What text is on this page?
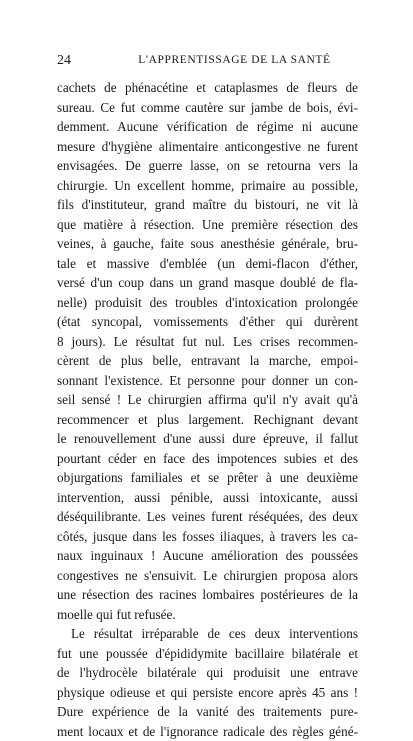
24	L'APPRENTISSAGE DE LA SANTÉ
cachets de phénacétine et cataplasmes de fleurs de
sureau. Ce fut comme cautère sur jambe de bois, évi-
demment. Aucune vérification de régime ni aucune
mesure d'hygiène alimentaire anticongestive ne furent
envisagées. De guerre lasse, on se retourna vers la
chirurgie. Un excellent homme, primaire au possible,
fils d'instituteur, grand maître du bistouri, ne vit là
que matière à résection. Une première résection des
veines, à gauche, faite sous anesthésie générale, bru-
tale et massive d'emblée (un demi-flacon d'éther,
versé d'un coup dans un grand masque doublé de fla-
nelle) produisit des troubles d'intoxication prolongée
(état syncopal, vomissements d'éther qui durèrent
8 jours). Le résultat fut nul. Les crises recommen-
cèrent de plus belle, entravant la marche, empoi-
sonnant l'existence. Et personne pour donner un con-
seil sensé ! Le chirurgien affirma qu'il n'y avait qu'à
recommencer et plus largement. Rechignant devant
le renouvellement d'une aussi dure épreuve, il fallut
pourtant céder en face des impotences subies et des
objurgations familiales et se prêter à une deuxième
intervention, aussi pénible, aussi intoxicante, aussi
déséquilibrante. Les veines furent réséquées, des deux
côtés, jusque dans les fosses iliaques, à travers les ca-
naux inguinaux ! Aucune amélioration des poussées
congestives ne s'ensuivit. Le chirurgien proposa alors
une résection des racines lombaires postérieures de la
moelle qui fut refusée.
Le résultat irréparable de ces deux interventions
fut une poussée d'épididymite bacillaire bilatérale et
de l'hydrocèle bilatérale qui produisit une entrave
physique odieuse et qui persiste encore après 45 ans !
Dure expérience de la vanité des traitements pure-
ment locaux et de l'ignorance radicale des règles géné-
